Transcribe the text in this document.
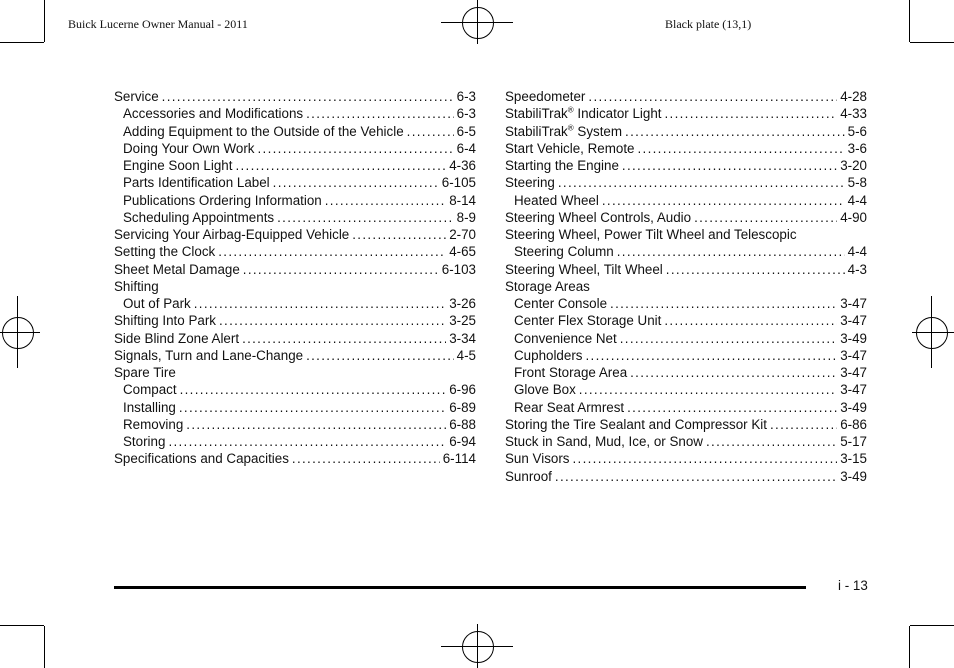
Buick Lucerne Owner Manual - 2011	Black plate (13,1)
Service . . .	6-3
Accessories and Modifications . . .	6-3
Adding Equipment to the Outside of the Vehicle . . .	6-5
Doing Your Own Work . . .	6-4
Engine Soon Light . . .	4-36
Parts Identification Label . . .	6-105
Publications Ordering Information . . .	8-14
Scheduling Appointments . . .	8-9
Servicing Your Airbag-Equipped Vehicle . . .	2-70
Setting the Clock . . .	4-65
Sheet Metal Damage . . .	6-103
Shifting
Out of Park . . .	3-26
Shifting Into Park . . .	3-25
Side Blind Zone Alert . . .	3-34
Signals, Turn and Lane-Change . . .	4-5
Spare Tire
Compact . . .	6-96
Installing . . .	6-89
Removing . . .	6-88
Storing . . .	6-94
Specifications and Capacities . . .	6-114
Speedometer . . .	4-28
StabiliTrak® Indicator Light . . .	4-33
StabiliTrak® System . . .	5-6
Start Vehicle, Remote . . .	3-6
Starting the Engine . . .	3-20
Steering . . .	5-8
Heated Wheel . . .	4-4
Steering Wheel Controls, Audio . . .	4-90
Steering Wheel, Power Tilt Wheel and Telescopic
Steering Column . . .	4-4
Steering Wheel, Tilt Wheel . . .	4-3
Storage Areas
Center Console . . .	3-47
Center Flex Storage Unit . . .	3-47
Convenience Net . . .	3-49
Cupholders . . .	3-47
Front Storage Area . . .	3-47
Glove Box . . .	3-47
Rear Seat Armrest . . .	3-49
Storing the Tire Sealant and Compressor Kit . . .	6-86
Stuck in Sand, Mud, Ice, or Snow . . .	5-17
Sun Visors . . .	3-15
Sunroof . . .	3-49
i - 13
